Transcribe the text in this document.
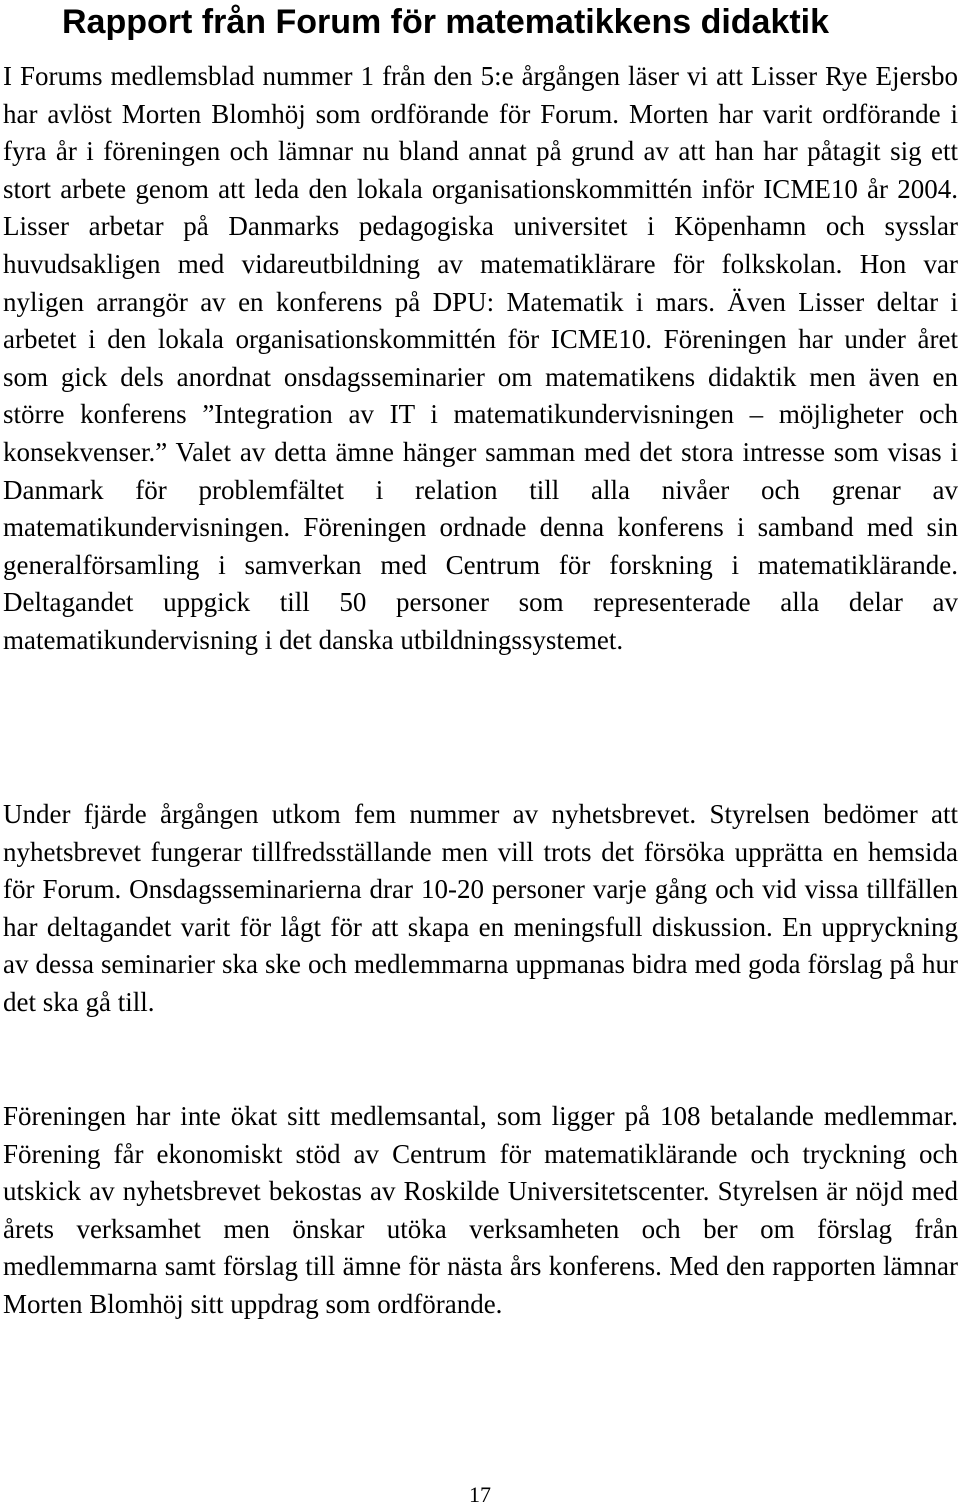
Rapport från Forum för matematikkens didaktik

I Forums medlemsblad nummer 1 från den 5:e årgången läser vi att Lisser Rye Ejersbo har avlöst Morten Blomhöj som ordförande för Forum. Morten har varit ordförande i fyra år i föreningen och lämnar nu bland annat på grund av att han har påtagit sig ett stort arbete genom att leda den lokala organisationskommittén inför ICME10 år 2004. Lisser arbetar på Danmarks pedagogiska universitet i Köpenhamn och sysslar huvudsakligen med vidareutbildning av matematiklärare för folkskolan. Hon var nyligen arrangör av en konferens på DPU: Matematik i mars. Även Lisser deltar i arbetet i den lokala organisationskommittén för ICME10. Föreningen har under året som gick dels anordnat onsdagsseminarier om matematikens didaktik men även en större konferens ”Integration av IT i matematikundervisningen – möjligheter och konsekvenser.” Valet av detta ämne hänger samman med det stora intresse som visas i Danmark för problemfältet i relation till alla nivåer och grenar av matematikundervisningen. Föreningen ordnade denna konferens i samband med sin generalförsamling i samverkan med Centrum för forskning i matematiklärande. Deltagandet uppgick till 50 personer som representerade alla delar av matematikundervisning i det danska utbildningssystemet.

Under fjärde årgången utkom fem nummer av nyhetsbrevet. Styrelsen bedömer att nyhetsbrevet fungerar tillfredsställande men vill trots det försöka upprätta en hemsida för Forum. Onsdagsseminarierna drar 10-20 personer varje gång och vid vissa tillfällen har deltagandet varit för lågt för att skapa en meningsfull diskussion. En uppryckning av dessa seminarier ska ske och medlemmarna uppmanas bidra med goda förslag på hur det ska gå till.

Föreningen har inte ökat sitt medlemsantal, som ligger på 108 betalande medlemmar. Förening får ekonomiskt stöd av Centrum för matematiklärande och tryckning och utskick av nyhetsbrevet bekostas av Roskilde Universitetscenter. Styrelsen är nöjd med årets verksamhet men önskar utöka verksamheten och ber om förslag från medlemmarna samt förslag till ämne för nästa års konferens. Med den rapporten lämnar Morten Blomhöj sitt uppdrag som ordförande.

17
